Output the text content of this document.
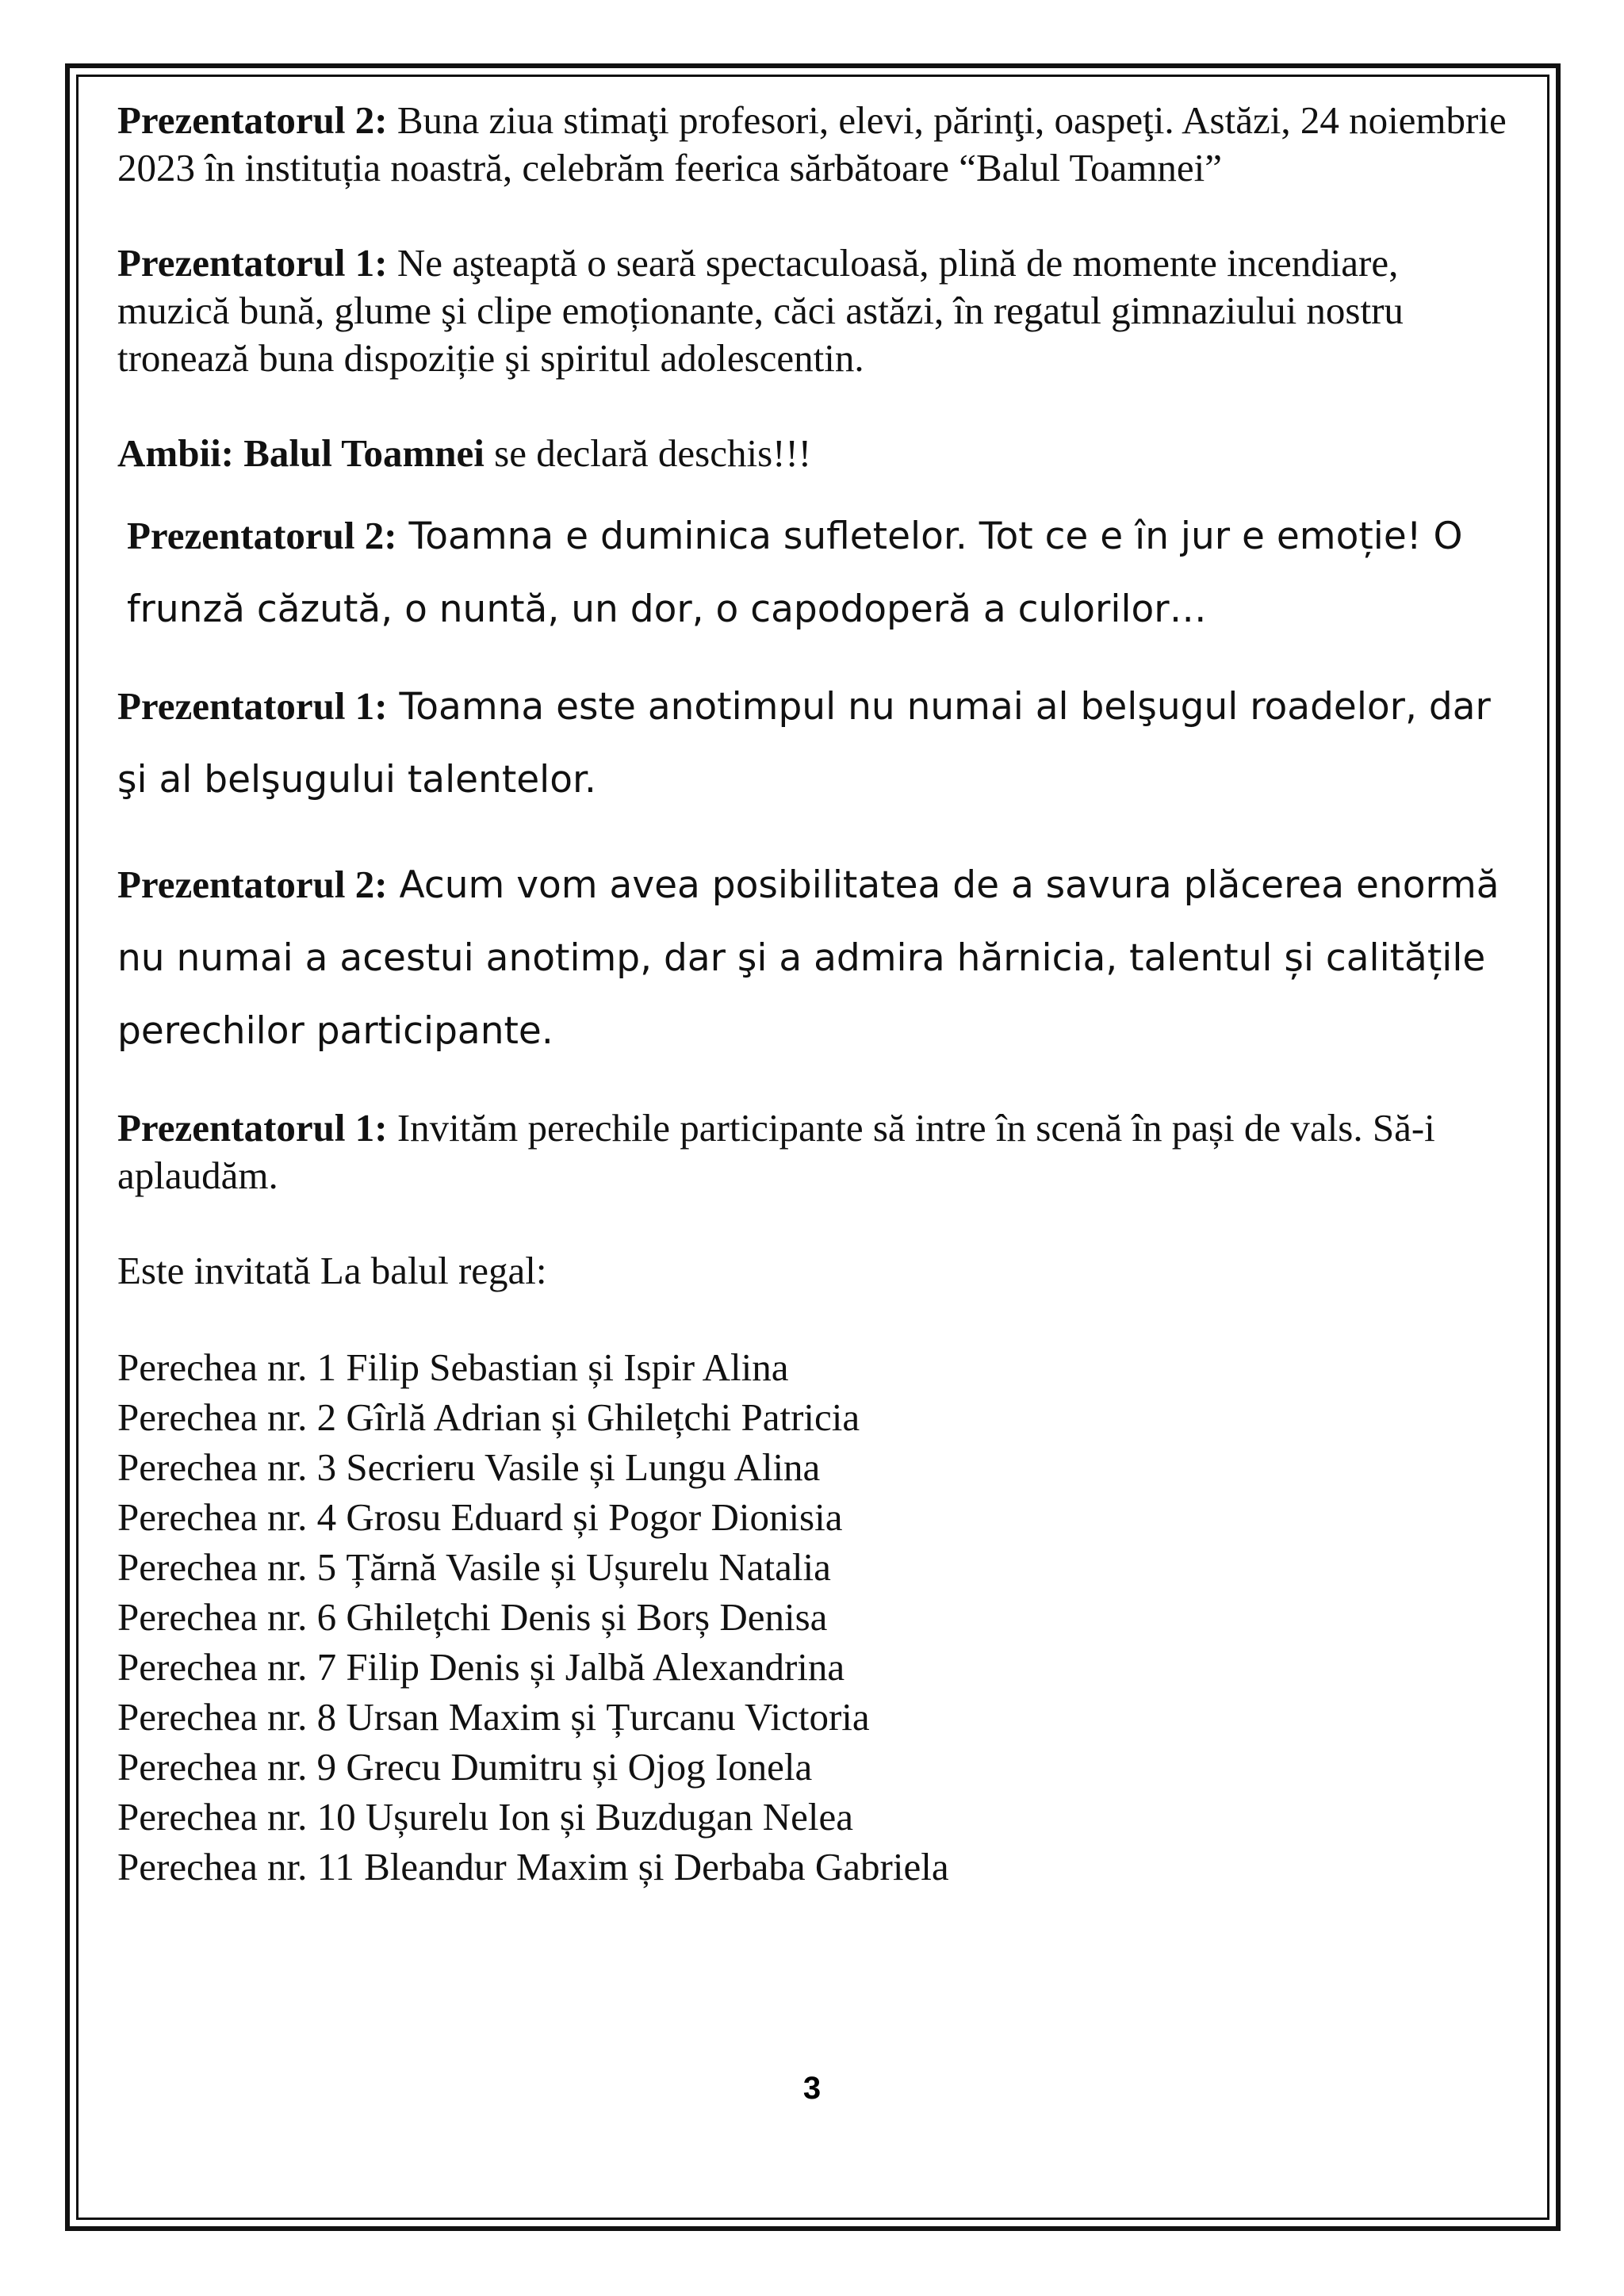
Prezentatorul 2: Buna ziua stimaţi profesori, elevi, părinţi, oaspeţi. Astăzi, 24 noiembrie 2023 în instituția noastră, celebrăm feerica sărbătoare “Balul Toamnei”

Prezentatorul 1: Ne aşteaptă o seară spectaculoasă, plină de momente incendiare, muzică bună, glume şi clipe emoționante, căci astăzi, în regatul gimnaziului nostru tronează buna dispoziție şi spiritul adolescentin.

Ambii: Balul Toamnei se declară deschis!!!

Prezentatorul 2: Toamna e duminica sufletelor. Tot ce e în jur e emoție! O frunză căzută, o nuntă, un dor, o capodoperă a culorilor…

Prezentatorul 1: Toamna este anotimpul nu numai al belşugul roadelor, dar şi al belşugului talentelor.

Prezentatorul 2: Acum vom avea posibilitatea de a savura plăcerea enormă nu numai a acestui anotimp, dar şi a admira hărnicia, talentul și calitățile perechilor participante.

Prezentatorul 1: Invităm perechile participante să intre în scenă în pași de vals. Să-i aplaudăm.

Este invitată La balul regal:

Perechea nr. 1 Filip Sebastian și Ispir Alina
Perechea nr. 2 Gîrlă Adrian și Ghilețchi Patricia
Perechea nr. 3 Secrieru Vasile și Lungu Alina
Perechea nr. 4 Grosu Eduard și Pogor Dionisia
Perechea nr. 5 Țărnă Vasile și Ușurelu Natalia
Perechea nr. 6 Ghilețchi Denis și Borș Denisa
Perechea nr. 7 Filip Denis și Jalbă Alexandrina
Perechea nr. 8 Ursan Maxim și Țurcanu Victoria
Perechea nr. 9 Grecu Dumitru și Ojog Ionela
Perechea nr. 10 Ușurelu Ion și Buzdugan Nelea
Perechea nr. 11 Bleandur Maxim și Derbaba Gabriela
3
